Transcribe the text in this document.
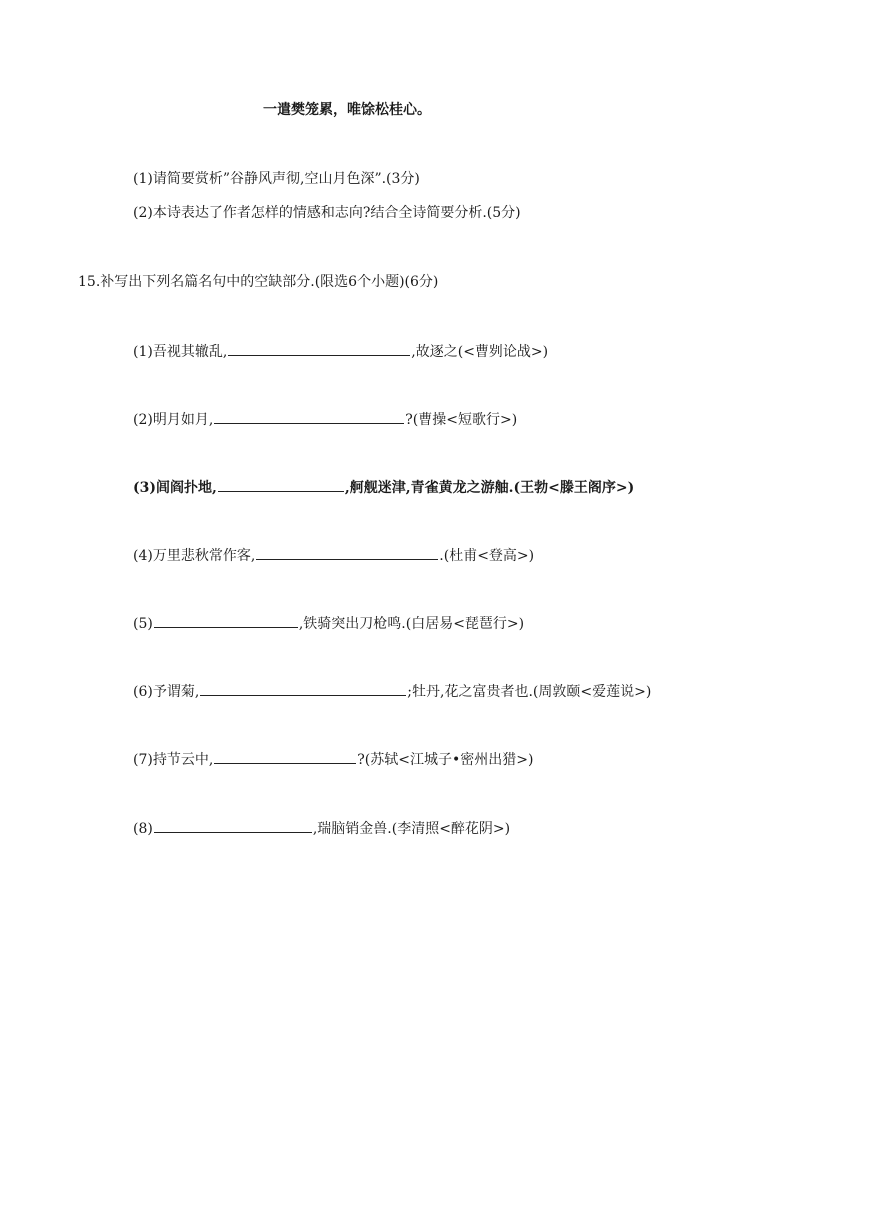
一遣樊笼累，唯馀松桂心。
(1)请简要赏析”谷静风声彻,空山月色深”.(3分)
(2)本诗表达了作者怎样的情感和志向?结合全诗简要分析.(5分)
15.补写出下列名篇名句中的空缺部分.(限选6个小题)(6分)
(1)吾视其辙乱,	,故逐之(<曹刿论战>)
(2)明月如月,	?(曹操<短歌行>)
(3)闾阎扑地,	,舸舰迷津,青雀黄龙之游舳.(王勃<滕王阁序>)
(4)万里悲秋常作客,	.(杜甫<登高>)
(5)	,铁骑突出刀枪鸣.(白居易<琵琶行>)
(6)予谓菊,	;牡丹,花之富贵者也.(周敦颐<爱莲说>)
(7)持节云中,	?(苏轼<江城子•密州出猎>)
(8)	,瑞脑销金兽.(李清照<醉花阴>)
